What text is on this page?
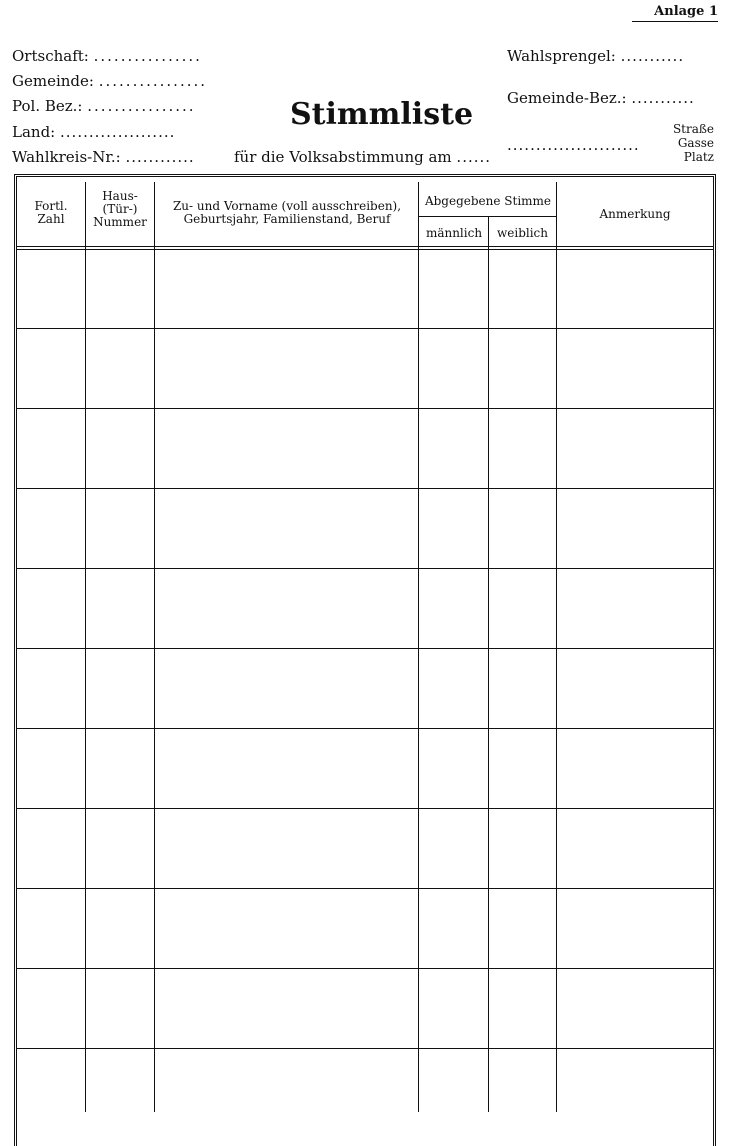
Anlage 1
Ortschaft: ................
Gemeinde: ................
Pol. Bez.: ................
Land: ....................
Wahlkreis-Nr.: ............	für die Volksabstimmung am ......
Stimmliste
Wahlsprengel: ...........
Gemeinde-Bez.: ...........
.......................
Straße
Gasse
Platz
Fortl. Zahl
Haus-
(Tür-)
Nummer
Zu- und Vorname (voll ausschreiben),
Geburtsjahr, Familienstand, Beruf
Abgegebene Stimme
männlich	weiblich
Anmerkung
